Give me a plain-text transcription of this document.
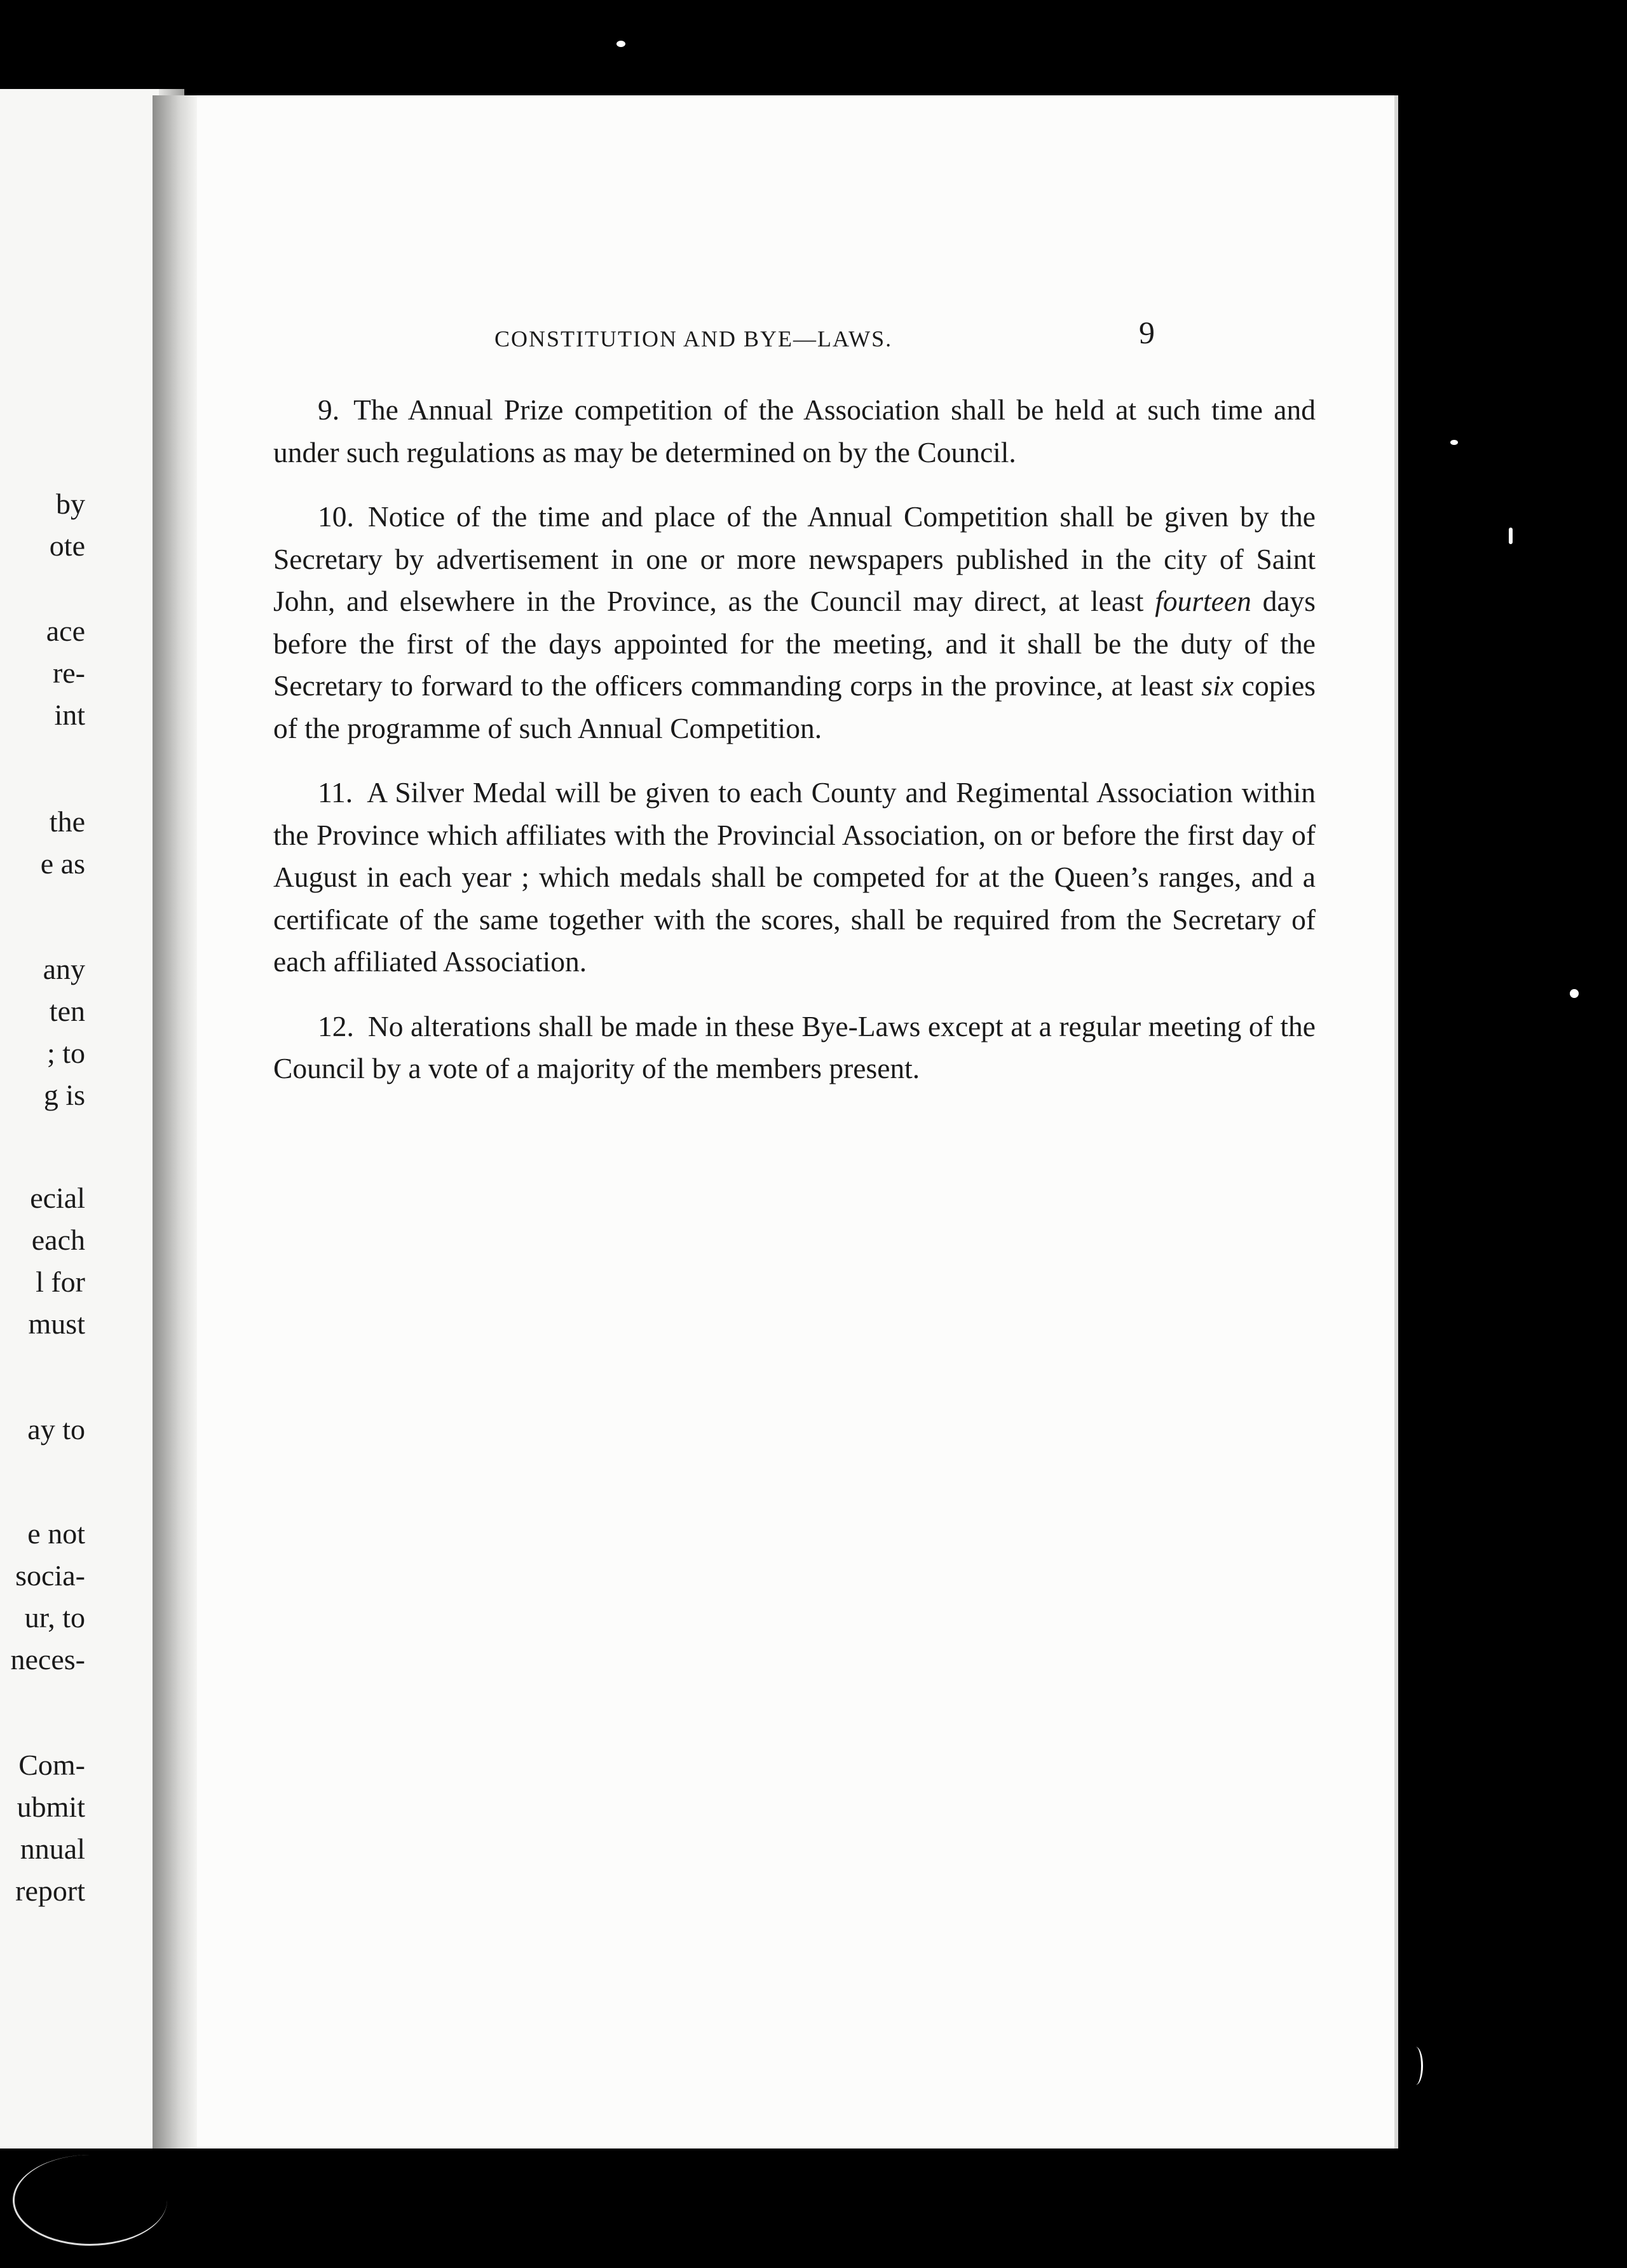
by
ote
ace
re-
int
the
e as
any
ten
; to
g is
ecial
each
l for
must
ay to
e not
socia-
ur, to
neces-
Com-
ubmit
nnual
report
CONSTITUTION AND BYE—LAWS.	9

9. The Annual Prize competition of the Association shall be held at such time and under such regulations as may be determined on by the Council.

10. Notice of the time and place of the Annual Competition shall be given by the Secretary by advertisement in one or more newspapers published in the city of Saint John, and elsewhere in the Province, as the Council may direct, at least fourteen days before the first of the days appointed for the meeting, and it shall be the duty of the Secretary to forward to the officers commanding corps in the province, at least six copies of the programme of such Annual Competition.

11. A Silver Medal will be given to each County and Regimental Association within the Province which affiliates with the Provincial Association, on or before the first day of August in each year ; which medals shall be competed for at the Queen’s ranges, and a certificate of the same together with the scores, shall be required from the Secretary of each affiliated Association.

12. No alterations shall be made in these Bye-Laws except at a regular meeting of the Council by a vote of a majority of the members present.
